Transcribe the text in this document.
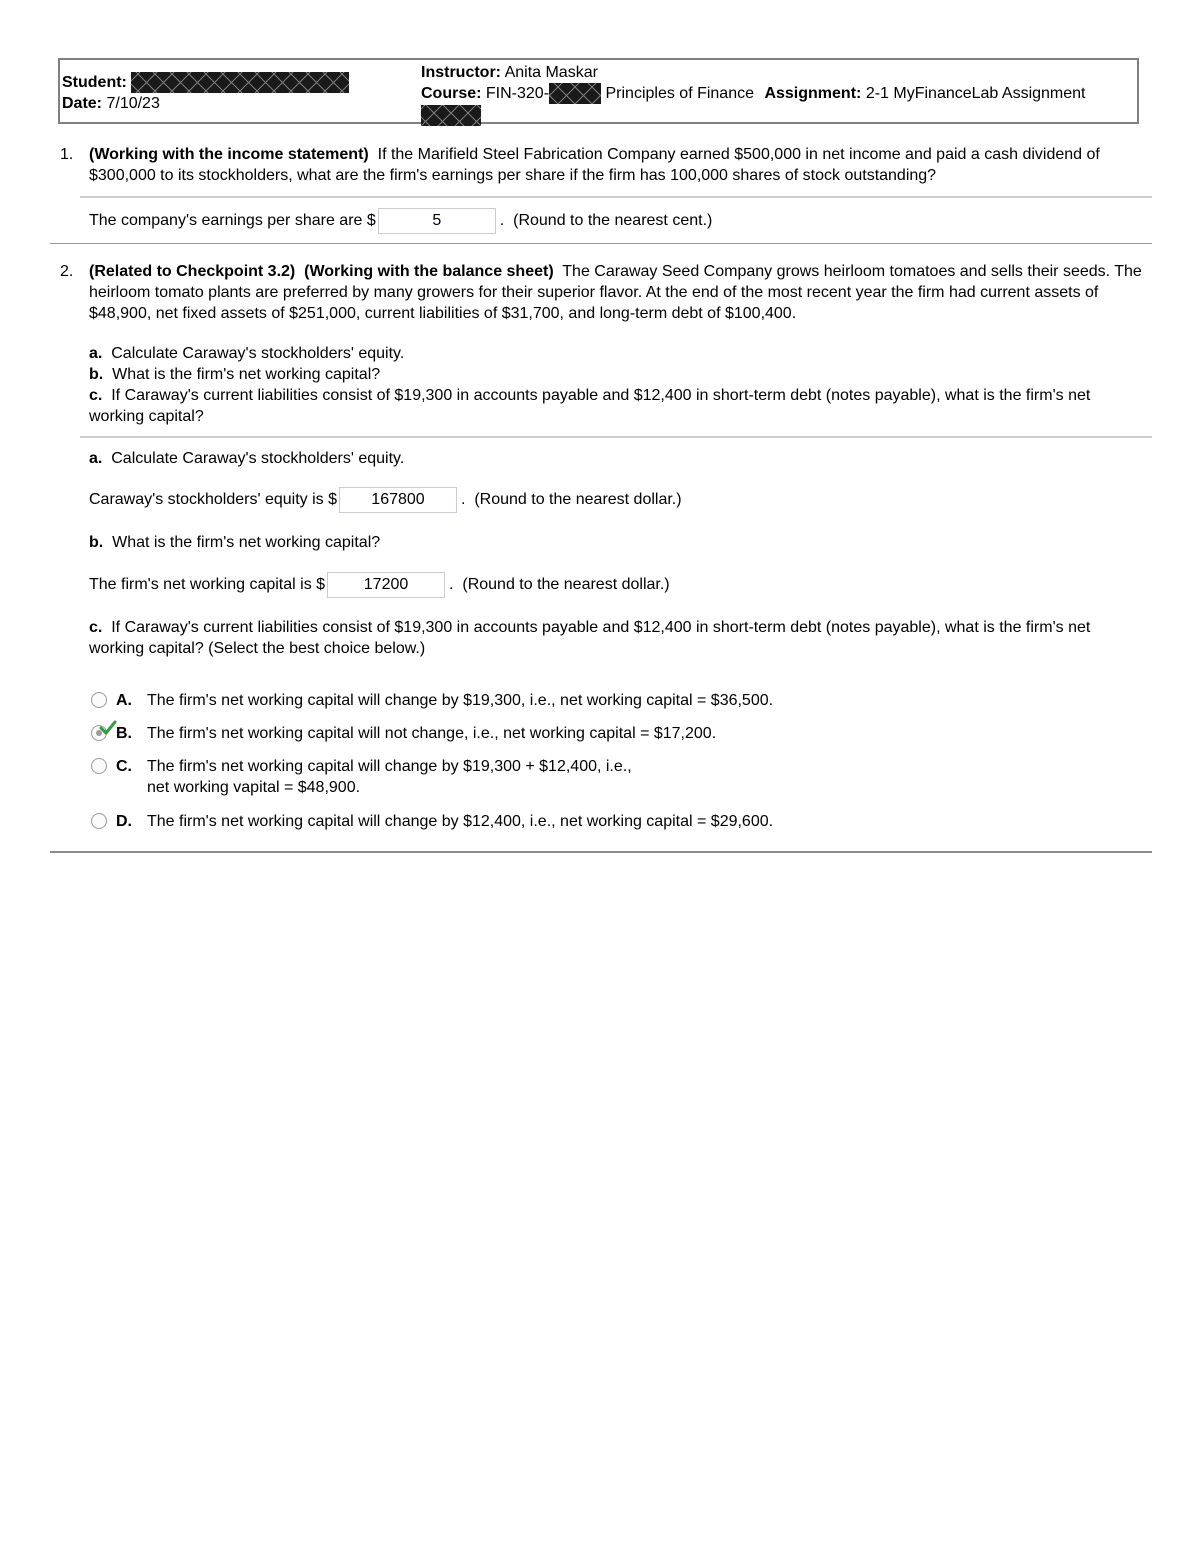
Student:
Date: 7/10/23
Instructor: Anita Maskar
Course: FIN-320-	Principles of Finance Assignment: 2-1 MyFinanceLab Assignment
1. (Working with the income statement) If the Marifield Steel Fabrication Company earned $500,000 in net income and paid a cash dividend of $300,000 to its stockholders, what are the firm's earnings per share if the firm has 100,000 shares of stock outstanding?
The company's earnings per share are $	5	.  (Round to the nearest cent.)
2. (Related to Checkpoint 3.2) (Working with the balance sheet) The Caraway Seed Company grows heirloom tomatoes and sells their seeds. The heirloom tomato plants are preferred by many growers for their superior flavor. At the end of the most recent year the firm had current assets of $48,900, net fixed assets of $251,000, current liabilities of $31,700, and long-term debt of $100,400.
a. Calculate Caraway's stockholders' equity.
b. What is the firm's net working capital?
c. If Caraway's current liabilities consist of $19,300 in accounts payable and $12,400 in short-term debt (notes payable), what is the firm's net working capital?
a. Calculate Caraway's stockholders' equity.
Caraway's stockholders' equity is $ 167800 .  (Round to the nearest dollar.)
b. What is the firm's net working capital?
The firm's net working capital is $ 17200	.  (Round to the nearest dollar.)
c. If Caraway's current liabilities consist of $19,300 in accounts payable and $12,400 in short-term debt (notes payable), what is the firm's net working capital? (Select the best choice below.)
A. The firm's net working capital will change by $19,300, i.e., net working capital = $36,500.
B. The firm's net working capital will not change, i.e., net working capital = $17,200.
C. The firm's net working capital will change by $19,300 + $12,400, i.e.,
net working vapital = $48,900.
D. The firm's net working capital will change by $12,400, i.e., net working capital = $29,600.
